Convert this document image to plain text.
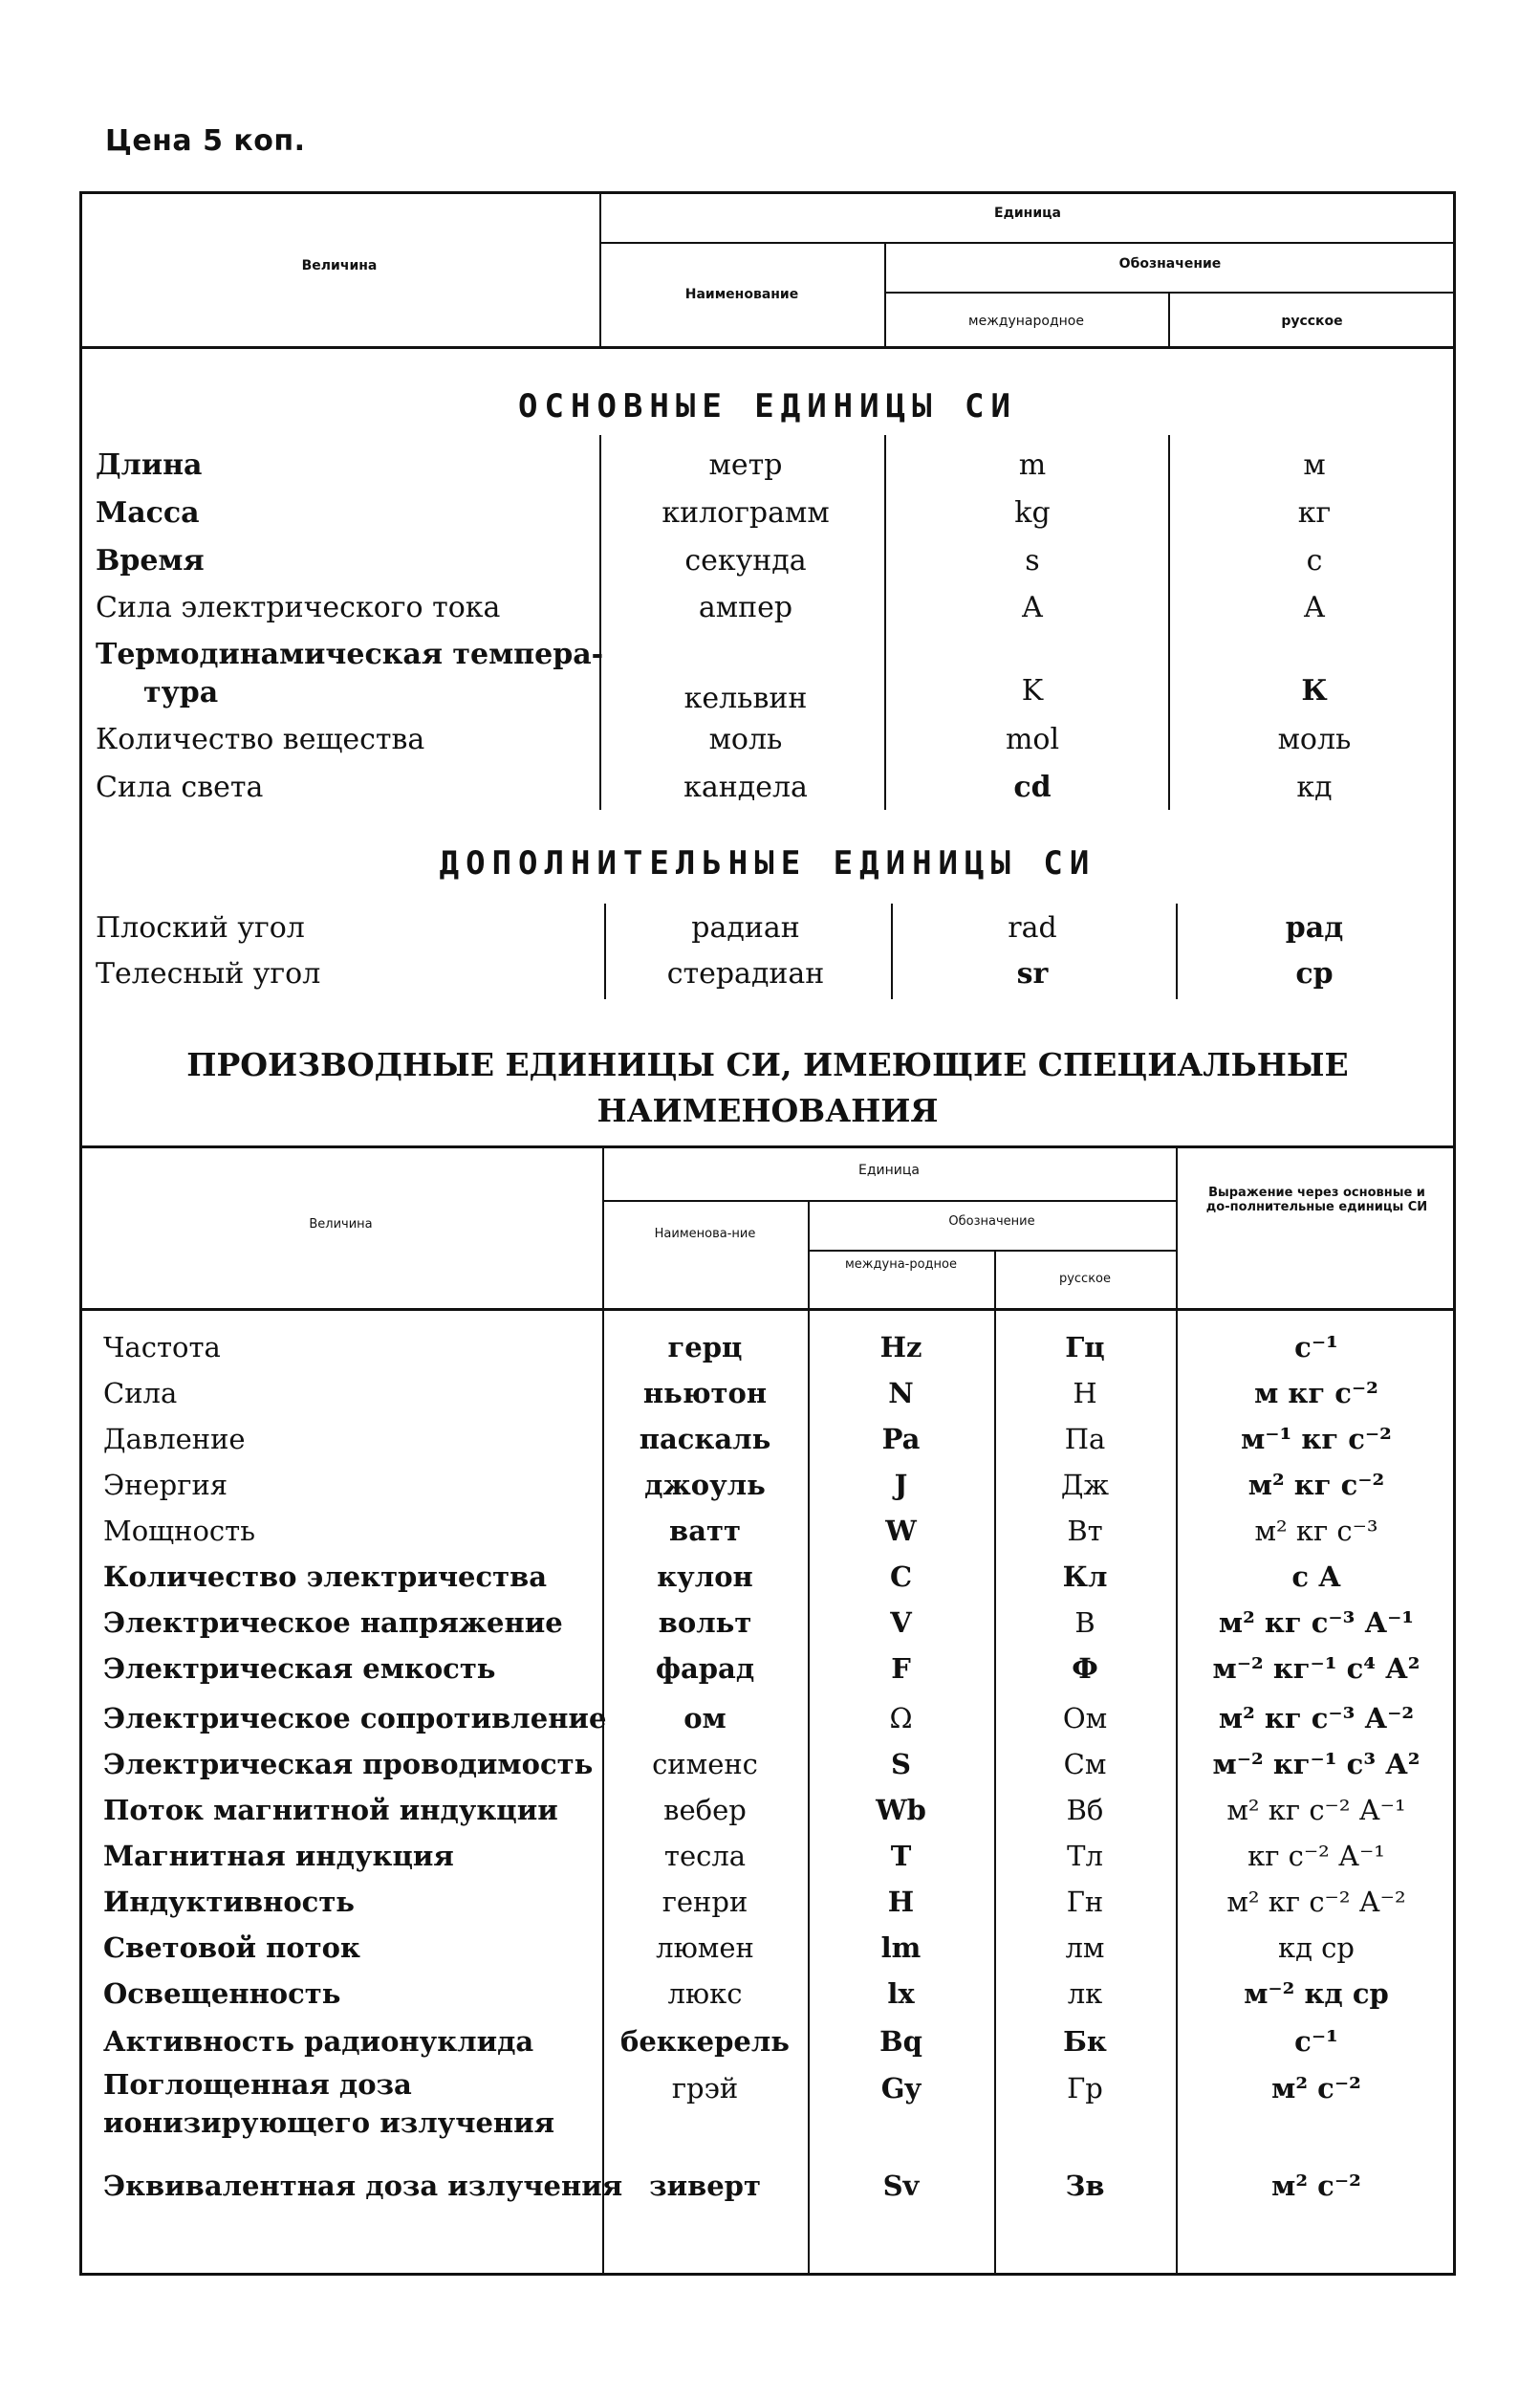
Цена 5 коп.
Величина
Единица
Наименование
Обозначение
международное	русское
ОСНОВНЫЕ ЕДИНИЦЫ СИ
Длина	метр	m	м
Масса	килограмм	kg	кг
Время	секунда	s	с
Сила электрического тока	ампер	A	A
Термодинамическая темпера-
тура	кельвин	K	К
Количество вещества	моль	mol	моль
Сила света	кандела	cd	кд
ДОПОЛНИТЕЛЬНЫЕ ЕДИНИЦЫ СИ
Плоский угол	радиан	rad	рад
Телесный угол	стерадиан	sr	ср
ПРОИЗВОДНЫЕ ЕДИНИЦЫ СИ, ИМЕЮЩИЕ СПЕЦИАЛЬНЫЕ
НАИМЕНОВАНИЯ
Величина
Единица
Наименова-ние
Обозначение
междуна-родное
русское
Выражение через основные и до-полнительные единицы СИ
Частота	герц	Hz	Гц	с⁻¹
Сила	ньютон	N	Н	м кг с⁻²
Давление	паскаль	Pa	Па	м⁻¹ кг с⁻²
Энергия	джоуль	J	Дж	м² кг с⁻²
Мощность	ватт	W	Вт	м² кг с⁻³
Количество электричества	кулон	C	Кл	с А
Электрическое напряжение	вольт	V	В	м² кг с⁻³ А⁻¹
Электрическая емкость	фарад	F	Ф	м⁻² кг⁻¹ с⁴ А²
Электрическое сопротивление	ом	Ω	Ом	м² кг с⁻³ А⁻²
Электрическая проводимость	сименс	S	См	м⁻² кг⁻¹ с³ А²
Поток магнитной индукции	вебер	Wb	Вб	м² кг с⁻² А⁻¹
Магнитная индукция	тесла	T	Тл	кг с⁻² А⁻¹
Индуктивность	генри	H	Гн	м² кг с⁻² А⁻²
Световой поток	люмен	lm	лм	кд ср
Освещенность	люкс	lx	лк	м⁻² кд ср
Активность радионуклида	беккерель	Bq	Бк	с⁻¹
Поглощенная доза
ионизирующего излучения
грэй	Gy	Гр	м² с⁻²
Эквивалентная доза излучения зиверт	Sv	Зв	м² с⁻²
